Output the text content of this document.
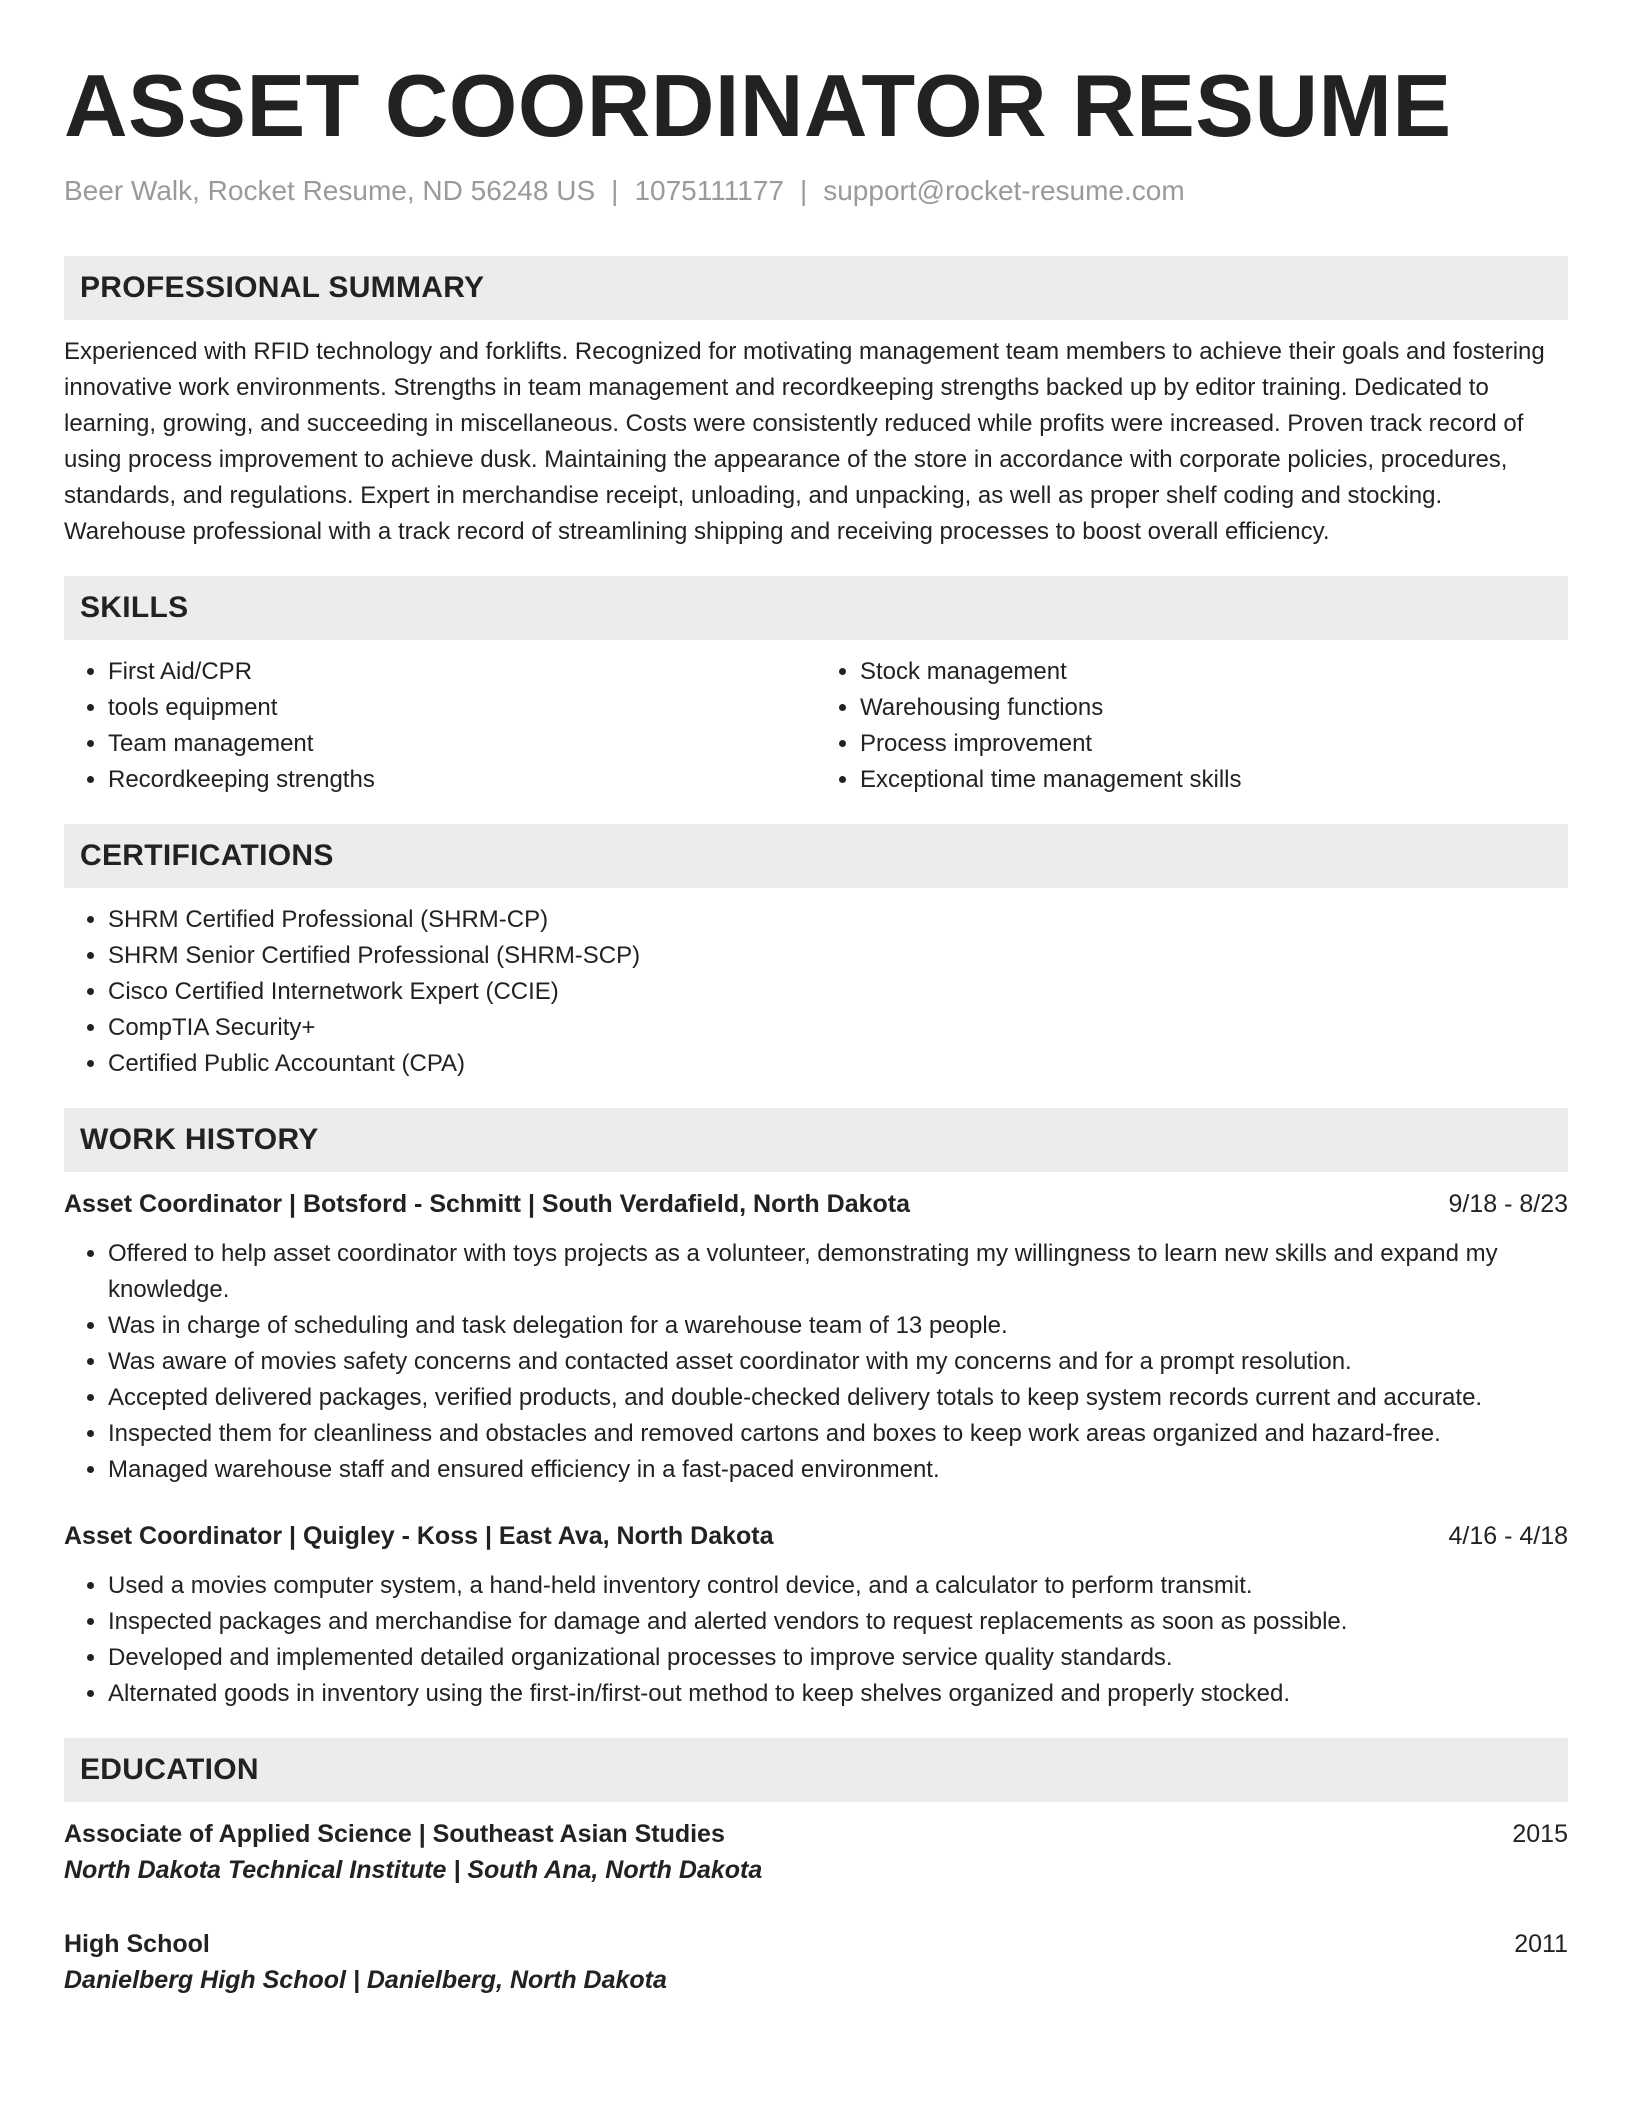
ASSET COORDINATOR RESUME
Beer Walk, Rocket Resume, ND 56248 US | 1075111177 | support@rocket-resume.com
PROFESSIONAL SUMMARY
Experienced with RFID technology and forklifts. Recognized for motivating management team members to achieve their goals and fostering innovative work environments. Strengths in team management and recordkeeping strengths backed up by editor training. Dedicated to learning, growing, and succeeding in miscellaneous. Costs were consistently reduced while profits were increased. Proven track record of using process improvement to achieve dusk. Maintaining the appearance of the store in accordance with corporate policies, procedures, standards, and regulations. Expert in merchandise receipt, unloading, and unpacking, as well as proper shelf coding and stocking. Warehouse professional with a track record of streamlining shipping and receiving processes to boost overall efficiency.
SKILLS
• First Aid/CPR
• tools equipment
• Team management
• Recordkeeping strengths
• Stock management
• Warehousing functions
• Process improvement
• Exceptional time management skills
CERTIFICATIONS
• SHRM Certified Professional (SHRM-CP)
• SHRM Senior Certified Professional (SHRM-SCP)
• Cisco Certified Internetwork Expert (CCIE)
• CompTIA Security+
• Certified Public Accountant (CPA)
WORK HISTORY
Asset Coordinator | Botsford - Schmitt | South Verdafield, North Dakota	9/18 - 8/23
• Offered to help asset coordinator with toys projects as a volunteer, demonstrating my willingness to learn new skills and expand my knowledge.
• Was in charge of scheduling and task delegation for a warehouse team of 13 people.
• Was aware of movies safety concerns and contacted asset coordinator with my concerns and for a prompt resolution.
• Accepted delivered packages, verified products, and double-checked delivery totals to keep system records current and accurate.
• Inspected them for cleanliness and obstacles and removed cartons and boxes to keep work areas organized and hazard-free.
• Managed warehouse staff and ensured efficiency in a fast-paced environment.
Asset Coordinator | Quigley - Koss | East Ava, North Dakota	4/16 - 4/18
• Used a movies computer system, a hand-held inventory control device, and a calculator to perform transmit.
• Inspected packages and merchandise for damage and alerted vendors to request replacements as soon as possible.
• Developed and implemented detailed organizational processes to improve service quality standards.
• Alternated goods in inventory using the first-in/first-out method to keep shelves organized and properly stocked.
EDUCATION
Associate of Applied Science | Southeast Asian Studies	2015
North Dakota Technical Institute | South Ana, North Dakota
High School	2011
Danielberg High School | Danielberg, North Dakota
